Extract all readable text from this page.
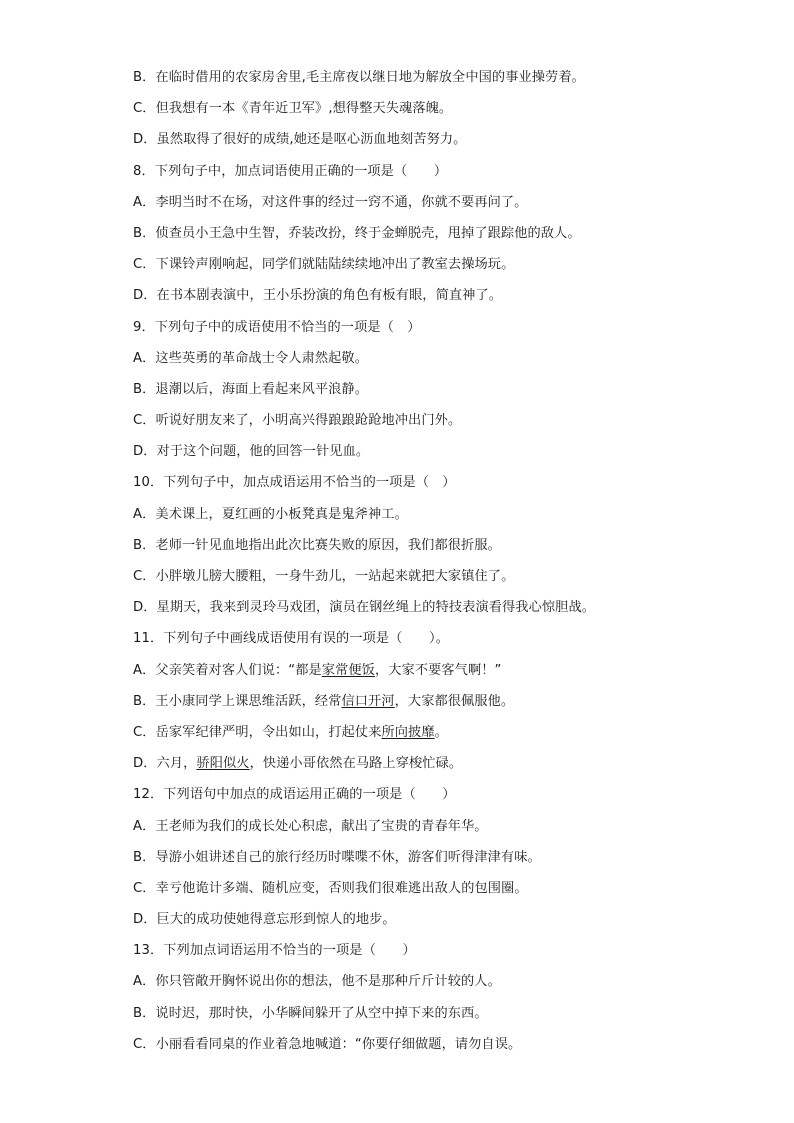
B．在临时借用的农家房舍里,毛主席夜以继日地为解放全中国的事业操劳着。
C．但我想有一本《青年近卫军》,想得整天失魂落魄。
D．虽然取得了很好的成绩,她还是呕心沥血地刻苦努力。
8．下列句子中，加点词语使用正确的一项是（　　）
A．李明当时不在场，对这件事的经过一窍不通，你就不要再问了。
B．侦查员小王急中生智，乔装改扮，终于金蝉脱壳，甩掉了跟踪他的敌人。
C．下课铃声刚响起，同学们就陆陆续续地冲出了教室去操场玩。
D．在书本剧表演中，王小乐扮演的角色有板有眼，简直神了。
9．下列句子中的成语使用不恰当的一项是（　）
A．这些英勇的革命战士令人肃然起敬。
B．退潮以后，海面上看起来风平浪静。
C．听说好朋友来了，小明高兴得踉踉跄跄地冲出门外。
D．对于这个问题，他的回答一针见血。
10．下列句子中，加点成语运用不恰当的一项是（　）
A．美术课上，夏红画的小板凳真是鬼斧神工。
B．老师一针见血地指出此次比赛失败的原因，我们都很折服。
C．小胖墩儿膀大腰粗，一身牛劲儿，一站起来就把大家镇住了。
D．星期天，我来到灵玲马戏团，演员在钢丝绳上的特技表演看得我心惊胆战。
11．下列句子中画线成语使用有误的一项是（　　）。
A．父亲笑着对客人们说：“都是家常便饭，大家不要客气啊！”
B．王小康同学上课思维活跃，经常信口开河，大家都很佩服他。
C．岳家军纪律严明，令出如山，打起仗来所向披靡。
D．六月，骄阳似火，快递小哥依然在马路上穿梭忙碌。
12．下列语句中加点的成语运用正确的一项是（　　）
A．王老师为我们的成长处心积虑，献出了宝贵的青春年华。
B．导游小姐讲述自己的旅行经历时喋喋不休，游客们听得津津有味。
C．幸亏他诡计多端、随机应变，否则我们很难逃出敌人的包围圈。
D．巨大的成功使她得意忘形到惊人的地步。
13．下列加点词语运用不恰当的一项是（　　）
A．你只管敞开胸怀说出你的想法，他不是那种斤斤计较的人。
B．说时迟，那时快，小华瞬间躲开了从空中掉下来的东西。
C．小丽看看同桌的作业着急地喊道：“你要仔细做题，请勿自误。
